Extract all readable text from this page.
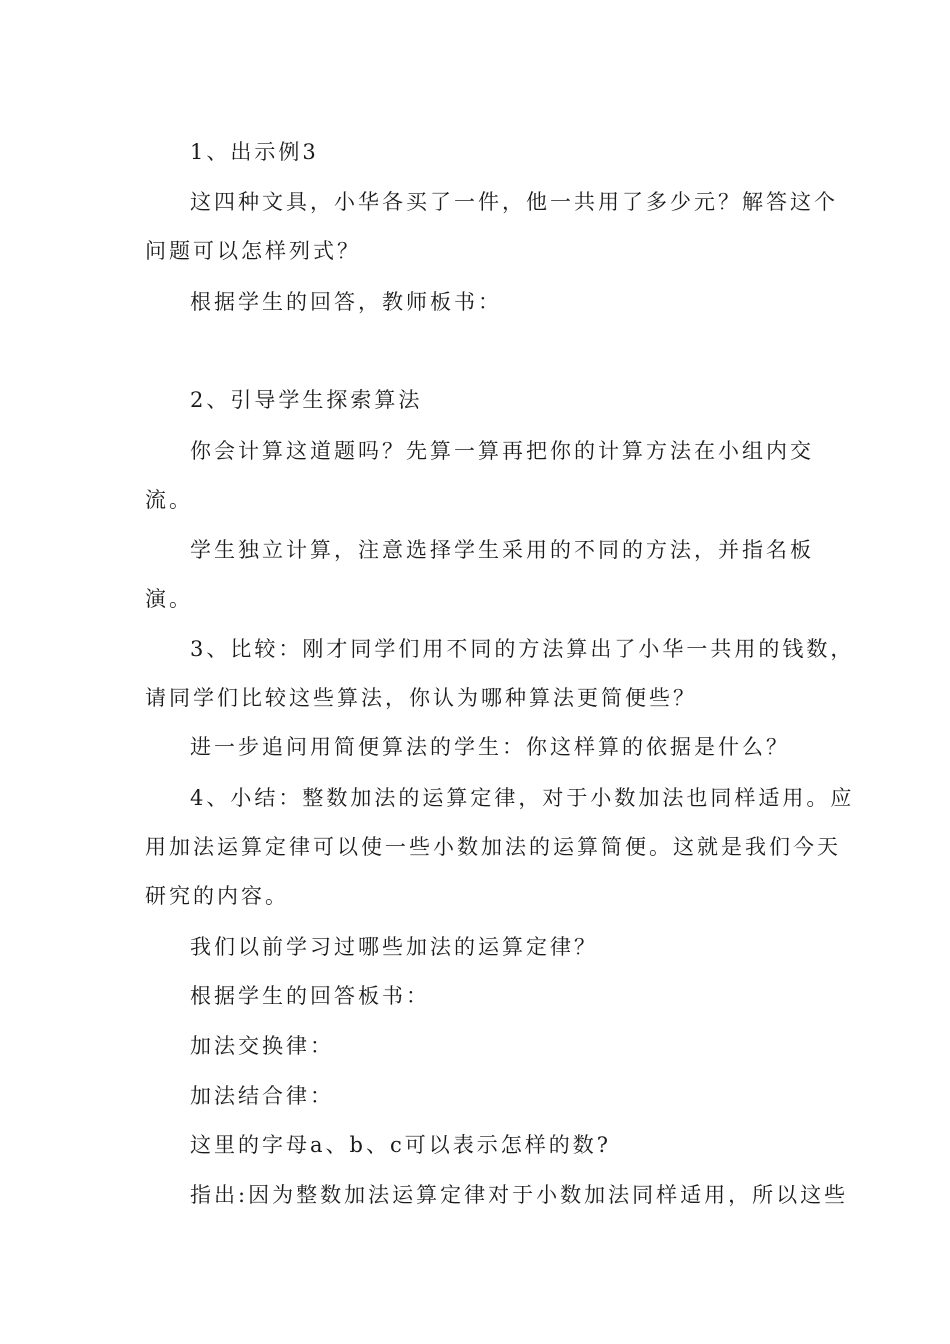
1、出示例3
这四种文具，小华各买了一件，他一共用了多少元？解答这个
问题可以怎样列式？
根据学生的回答，教师板书：
2、引导学生探索算法
你会计算这道题吗？先算一算再把你的计算方法在小组内交
流。
学生独立计算，注意选择学生采用的不同的方法，并指名板
演。
3、比较：刚才同学们用不同的方法算出了小华一共用的钱数，
请同学们比较这些算法，你认为哪种算法更简便些？
进一步追问用简便算法的学生：你这样算的依据是什么？
4、小结：整数加法的运算定律，对于小数加法也同样适用。应
用加法运算定律可以使一些小数加法的运算简便。这就是我们今天
研究的内容。
我们以前学习过哪些加法的运算定律？
根据学生的回答板书：
加法交换律：
加法结合律：
这里的字母a、b、c可以表示怎样的数?
指出:因为整数加法运算定律对于小数加法同样适用，所以这些
